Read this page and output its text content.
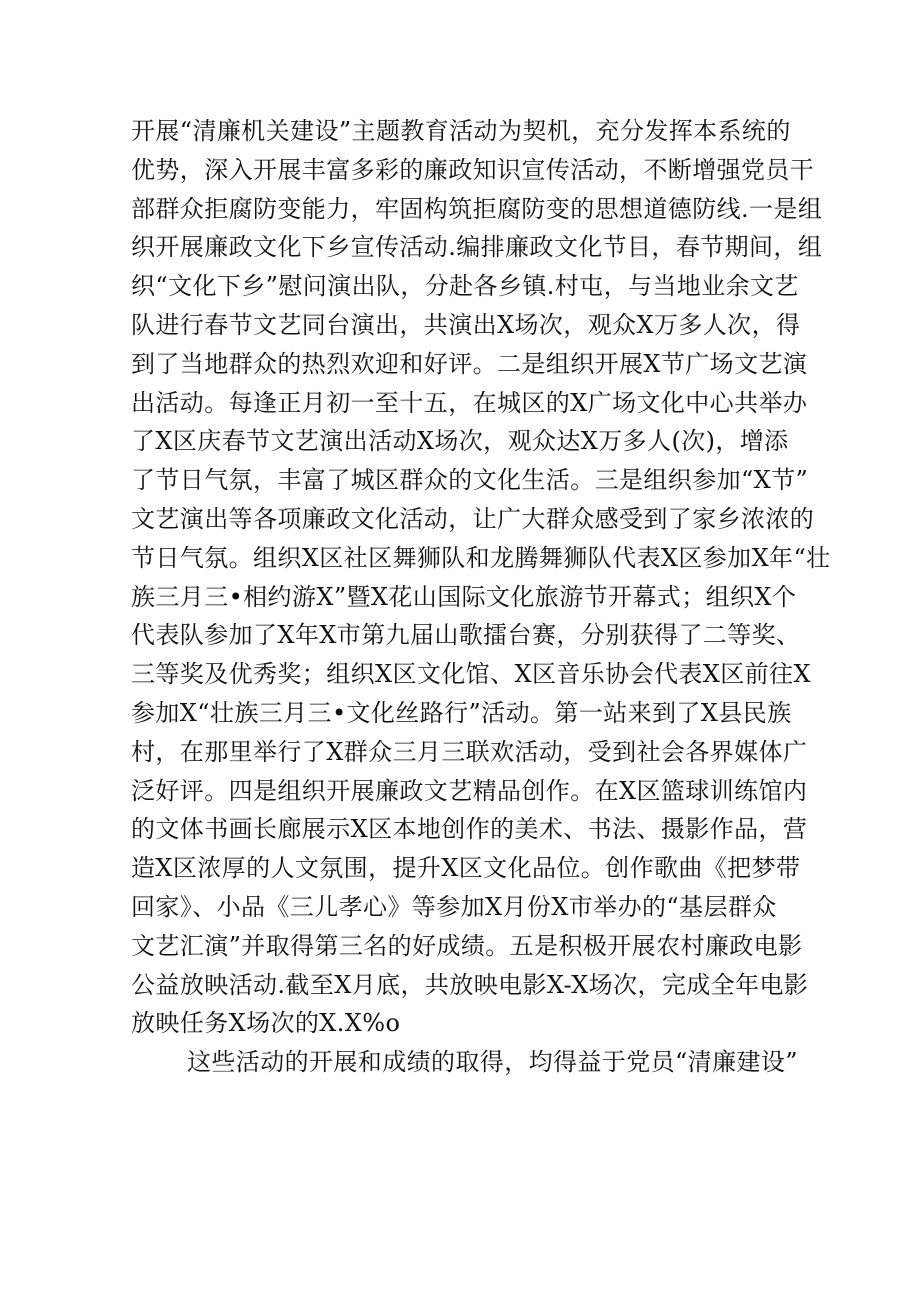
开展“清廉机关建设”主题教育活动为契机，充分发挥本系统的
优势，深入开展丰富多彩的廉政知识宣传活动，不断增强党员干
部群众拒腐防变能力，牢固构筑拒腐防变的思想道德防线.一是组
织开展廉政文化下乡宣传活动.编排廉政文化节目，春节期间，组
织“文化下乡”慰问演出队，分赴各乡镇.村屯，与当地业余文艺
队进行春节文艺同台演出，共演出X场次，观众X万多人次，得
到了当地群众的热烈欢迎和好评。二是组织开展X节广场文艺演
出活动。每逢正月初一至十五，在城区的X广场文化中心共举办
了X区庆春节文艺演出活动X场次，观众达X万多人(次)，增添
了节日气氛，丰富了城区群众的文化生活。三是组织参加“X节”
文艺演出等各项廉政文化活动，让广大群众感受到了家乡浓浓的
节日气氛。组织X区社区舞狮队和龙腾舞狮队代表X区参加X年“壮
族三月三•相约游X”暨X花山国际文化旅游节开幕式；组织X个
代表队参加了X年X市第九届山歌擂台赛，分别获得了二等奖、
三等奖及优秀奖；组织X区文化馆、X区音乐协会代表X区前往X
参加X“壮族三月三•文化丝路行”活动。第一站来到了X县民族
村，在那里举行了X群众三月三联欢活动，受到社会各界媒体广
泛好评。四是组织开展廉政文艺精品创作。在X区篮球训练馆内
的文体书画长廊展示X区本地创作的美术、书法、摄影作品，营
造X区浓厚的人文氛围，提升X区文化品位。创作歌曲《把梦带
回家》、小品《三儿孝心》等参加X月份X市举办的“基层群众
文艺汇演”并取得第三名的好成绩。五是积极开展农村廉政电影
公益放映活动.截至X月底，共放映电影X-X场次，完成全年电影
放映任务X场次的X.X%o
这些活动的开展和成绩的取得，均得益于党员“清廉建设”
